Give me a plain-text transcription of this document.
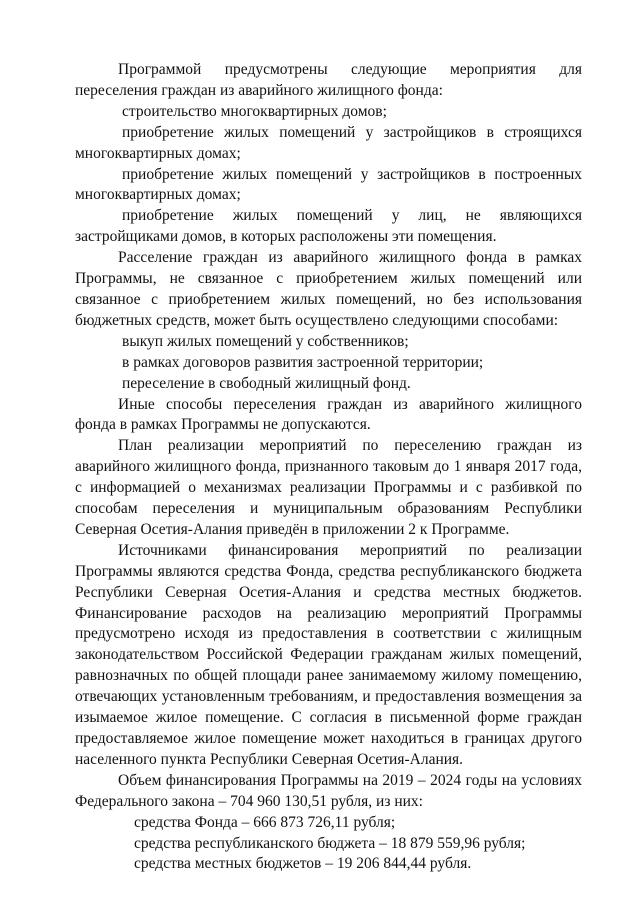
Программой предусмотрены следующие мероприятия для переселения граждан из аварийного жилищного фонда:

строительство многоквартирных домов;

приобретение жилых помещений у застройщиков в строящихся многоквартирных домах;

приобретение жилых помещений у застройщиков в построенных многоквартирных домах;

приобретение жилых помещений у лиц, не являющихся застройщиками домов, в которых расположены эти помещения.

Расселение граждан из аварийного жилищного фонда в рамках Программы, не связанное с приобретением жилых помещений или связанное с приобретением жилых помещений, но без использования бюджетных средств, может быть осуществлено следующими способами:

выкуп жилых помещений у собственников;

в рамках договоров развития застроенной территории;

переселение в свободный жилищный фонд.

Иные способы переселения граждан из аварийного жилищного фонда в рамках Программы не допускаются.

План реализации мероприятий по переселению граждан из аварийного жилищного фонда, признанного таковым до 1 января 2017 года, с информацией о механизмах реализации Программы и с разбивкой по способам переселения и муниципальным образованиям Республики Северная Осетия-Алания приведён в приложении 2 к Программе.

Источниками финансирования мероприятий по реализации Программы являются средства Фонда, средства республиканского бюджета Республики Северная Осетия-Алания и средства местных бюджетов. Финансирование расходов на реализацию мероприятий Программы предусмотрено исходя из предоставления в соответствии с жилищным законодательством Российской Федерации гражданам жилых помещений, равнозначных по общей площади ранее занимаемому жилому помещению, отвечающих установленным требованиям, и предоставления возмещения за изымаемое жилое помещение. С согласия в письменной форме граждан предоставляемое жилое помещение может находиться в границах другого населенного пункта Республики Северная Осетия-Алания.

Объем финансирования Программы на 2019 – 2024 годы на условиях Федерального закона – 704 960 130,51 рубля, из них:

средства Фонда – 666 873 726,11 рубля;

средства республиканского бюджета – 18 879 559,96 рубля;

средства местных бюджетов – 19 206 844,44 рубля.
